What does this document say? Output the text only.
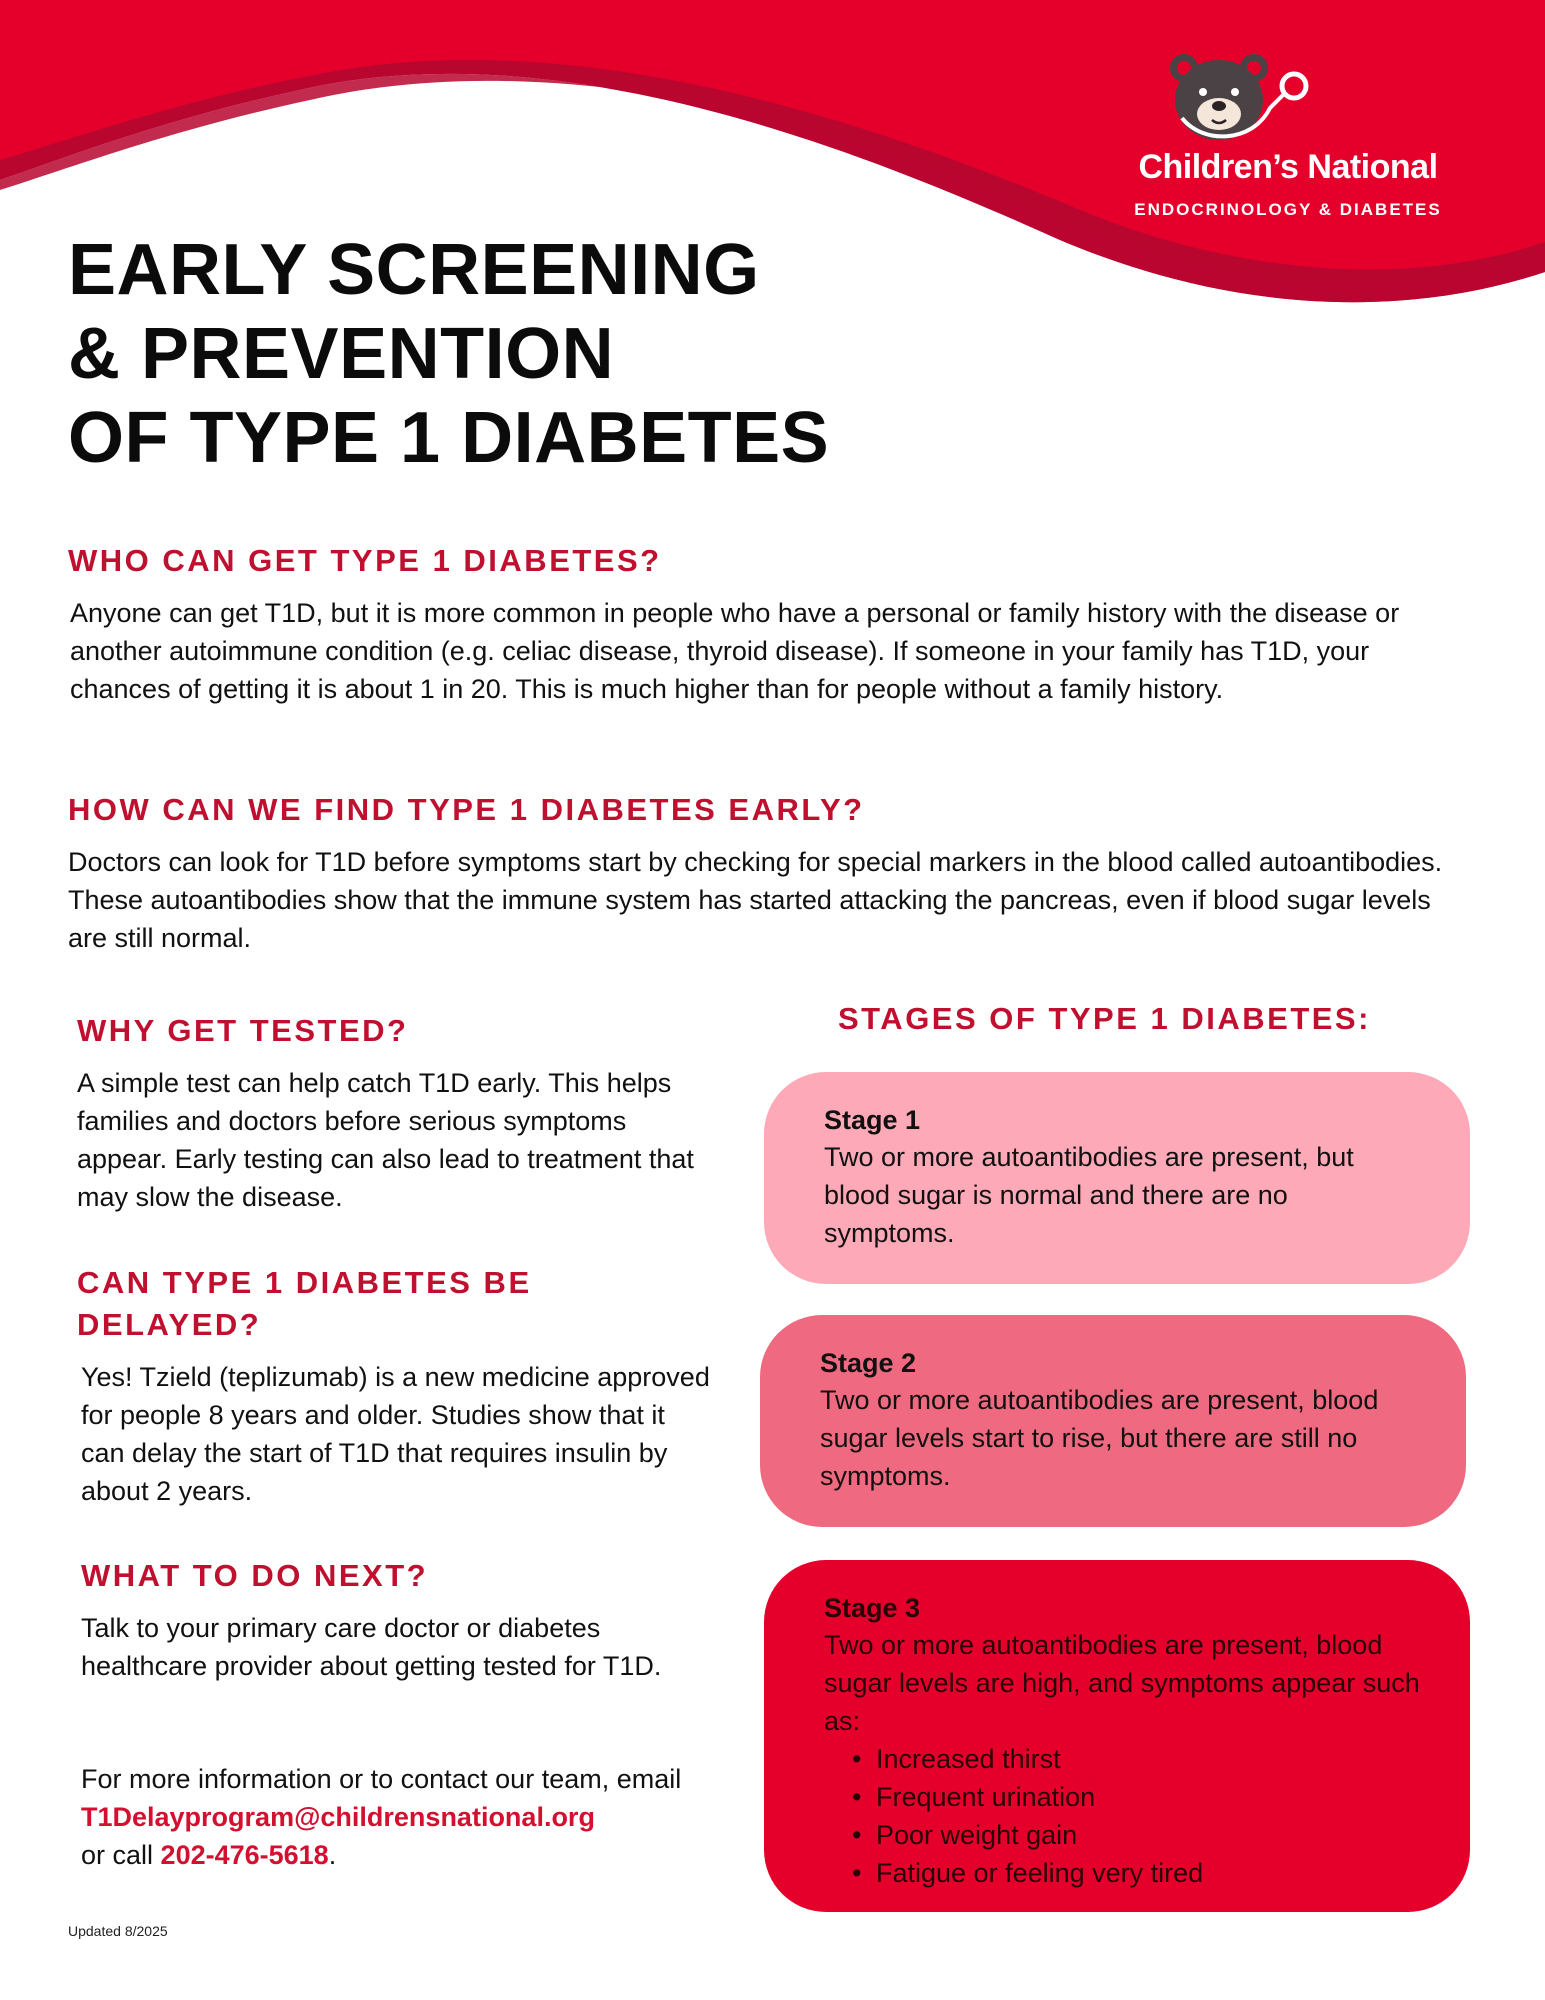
Children’s National
ENDOCRINOLOGY & DIABETES
EARLY SCREENING
& PREVENTION
OF TYPE 1 DIABETES
WHO CAN GET TYPE 1 DIABETES?

Anyone can get T1D, but it is more common in people who have a personal or family history with the disease or another autoimmune condition (e.g. celiac disease, thyroid disease). If someone in your family has T1D, your chances of getting it is about 1 in 20. This is much higher than for people without a family history.

HOW CAN WE FIND TYPE 1 DIABETES EARLY?

Doctors can look for T1D before symptoms start by checking for special markers in the blood called autoantibodies. These autoantibodies show that the immune system has started attacking the pancreas, even if blood sugar levels are still normal.

WHY GET TESTED?

A simple test can help catch T1D early. This helps families and doctors before serious symptoms appear. Early testing can also lead to treatment that may slow the disease.

CAN TYPE 1 DIABETES BE DELAYED?

Yes! Tzield (teplizumab) is a new medicine approved for people 8 years and older. Studies show that it can delay the start of T1D that requires insulin by about 2 years.

WHAT TO DO NEXT?

Talk to your primary care doctor or diabetes healthcare provider about getting tested for T1D.

For more information or to contact our team, email T1Delayprogram@childrensnational.org
or call 202-476-5618.

STAGES OF TYPE 1 DIABETES:
Stage 1
Two or more autoantibodies are present, but blood sugar is normal and there are no symptoms.
Stage 2
Two or more autoantibodies are present, blood sugar levels start to rise, but there are still no symptoms.
Stage 3
Two or more autoantibodies are present, blood sugar levels are high, and symptoms appear such as:
• Increased thirst
• Frequent urination
• Poor weight gain
• Fatigue or feeling very tired
Updated 8/2025
